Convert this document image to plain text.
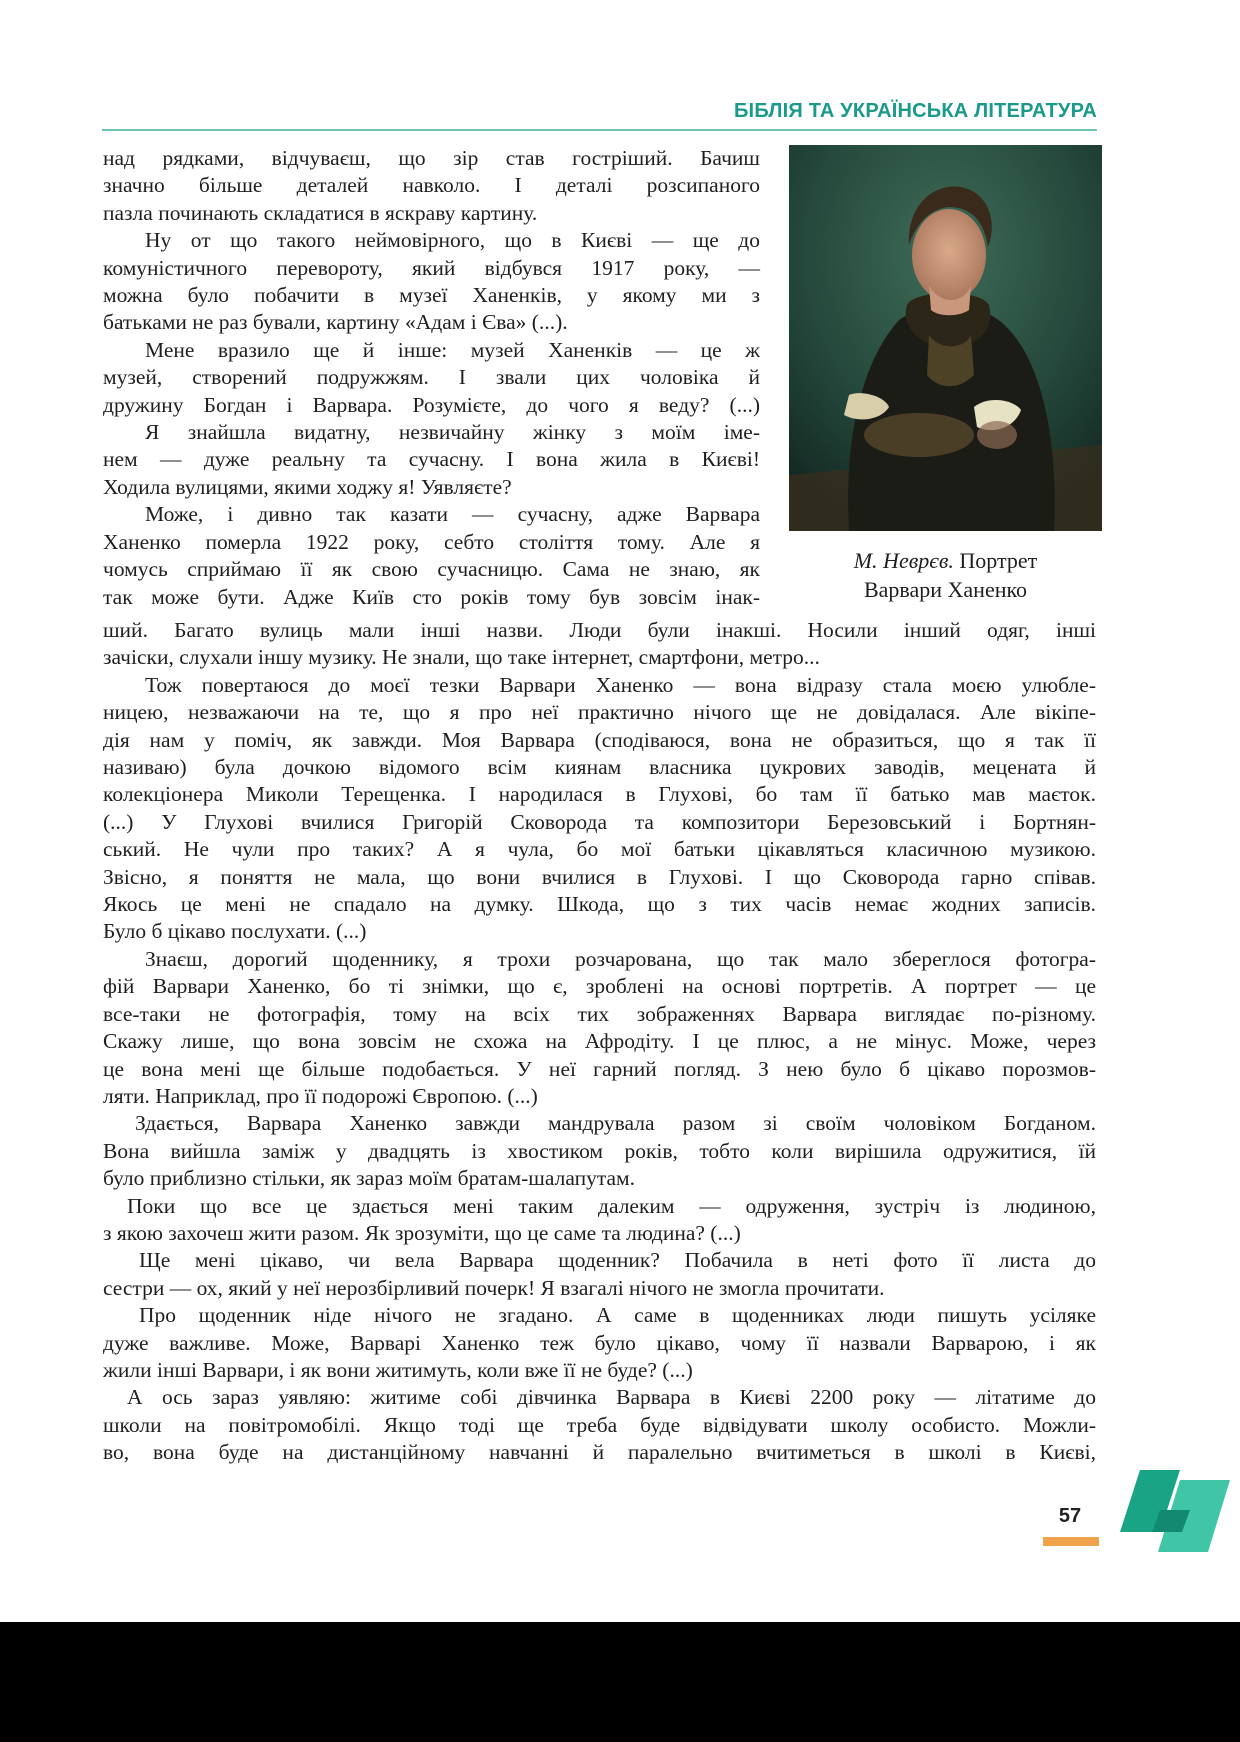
БІБЛІЯ ТА УКРАЇНСЬКА ЛІТЕРАТУРА
над рядками, відчуваєш, що зір став гостріший. Бачиш
значно більше деталей навколо. І деталі розсипаного
пазла починають складатися в яскраву картину.
Ну от що такого неймовірного, що в Києві — ще до
комуністичного перевороту, який відбувся 1917 року, —
можна було побачити в музеї Ханенків, у якому ми з
батьками не раз бували, картину «Адам і Єва» (...).
Мене вразило ще й інше: музей Ханенків — це ж
музей, створений подружжям. І звали цих чоловіка й
дружину Богдан і Варвара. Розумієте, до чого я веду? (...)
Я знайшла видатну, незвичайну жінку з моїм іме-
нем — дуже реальну та сучасну. І вона жила в Києві!
Ходила вулицями, якими ходжу я! Уявляєте?
Може, і дивно так казати — сучасну, адже Варвара
Ханенко померла 1922 року, себто століття тому. Але я
чомусь сприймаю її як свою сучасницю. Сама не знаю, як
так може бути. Адже Київ сто років тому був зовсім інак-
М. Неврєв. Портрет
Варвари Ханенко
ший. Багато вулиць мали інші назви. Люди були інакші. Носили інший одяг, інші
зачіски, слухали іншу музику. Не знали, що таке інтернет, смартфони, метро...
Тож повертаюся до моєї тезки Варвари Ханенко — вона відразу стала моєю улюбле-
ницею, незважаючи на те, що я про неї практично нічого ще не довідалася. Але вікіпе-
дія нам у поміч, як завжди. Моя Варвара (сподіваюся, вона не образиться, що я так її
називаю) була дочкою відомого всім киянам власника цукрових заводів, мецената й
колекціонера Миколи Терещенка. І народилася в Глухові, бо там її батько мав маєток.
(...) У Глухові вчилися Григорій Сковорода та композитори Березовський і Бортнян-
ський. Не чули про таких? А я чула, бо мої батьки цікавляться класичною музикою.
Звісно, я поняття не мала, що вони вчилися в Глухові. І що Сковорода гарно співав.
Якось це мені не спадало на думку. Шкода, що з тих часів немає жодних записів.
Було б цікаво послухати. (...)
Знаєш, дорогий щоденнику, я трохи розчарована, що так мало збереглося фотогра-
фій Варвари Ханенко, бо ті знімки, що є, зроблені на основі портретів. А портрет — це
все-таки не фотографія, тому на всіх тих зображеннях Варвара виглядає по-різному.
Скажу лише, що вона зовсім не схожа на Афродіту. І це плюс, а не мінус. Може, через
це вона мені ще більше подобається. У неї гарний погляд. З нею було б цікаво порозмов-
ляти. Наприклад, про її подорожі Європою. (...)
Здається, Варвара Ханенко завжди мандрувала разом зі своїм чоловіком Богданом.
Вона вийшла заміж у двадцять із хвостиком років, тобто коли вирішила одружитися, їй
було приблизно стільки, як зараз моїм братам-шалапутам.
Поки що все це здається мені таким далеким — одруження, зустріч із людиною,
з якою захочеш жити разом. Як зрозуміти, що це саме та людина? (...)
Ще мені цікаво, чи вела Варвара щоденник? Побачила в неті фото її листа до
сестри — ох, який у неї нерозбірливий почерк! Я взагалі нічого не змогла прочитати.
Про щоденник ніде нічого не згадано. А саме в щоденниках люди пишуть усіляке
дуже важливе. Може, Варварі Ханенко теж було цікаво, чому її назвали Варварою, і як
жили інші Варвари, і як вони житимуть, коли вже її не буде? (...)
А ось зараз уявляю: житиме собі дівчинка Варвара в Києві 2200 року — літатиме до
школи на повітромобілі. Якщо тоді ще треба буде відвідувати школу особисто. Можли-
во, вона буде на дистанційному навчанні й паралельно вчитиметься в школі в Києві,
57
